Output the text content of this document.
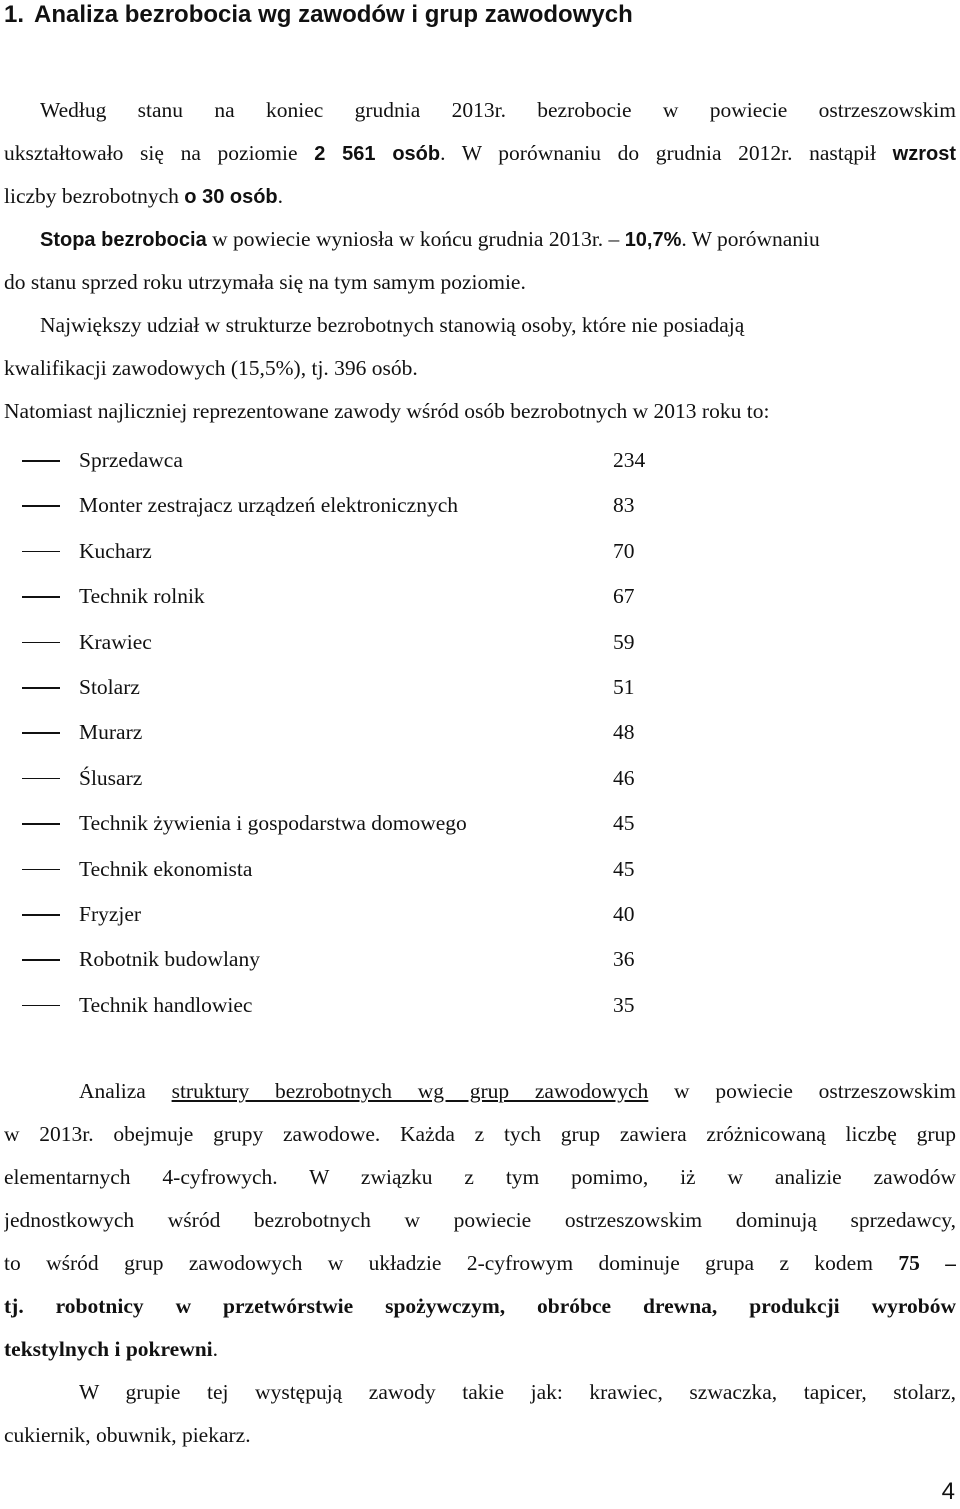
1. Analiza bezrobocia wg zawodów i grup zawodowych
Według stanu na koniec grudnia 2013r. bezrobocie w powiecie ostrzeszowskim
ukształtowało się na poziomie 2 561 osób. W porównaniu do grudnia 2012r. nastąpił wzrost
liczby bezrobotnych o 30 osób.
Stopa bezrobocia w powiecie wyniosła w końcu grudnia 2013r. – 10,7%. W porównaniu
do stanu sprzed roku utrzymała się na tym samym poziomie.
Największy udział w strukturze bezrobotnych stanowią osoby, które nie posiadają
kwalifikacji zawodowych (15,5%), tj. 396 osób.
Natomiast najliczniej reprezentowane zawody wśród osób bezrobotnych w 2013 roku to:
Sprzedawca	234
Monter zestrajacz urządzeń elektronicznych	83
Kucharz	70
Technik rolnik	67
Krawiec	59
Stolarz	51
Murarz	48
Ślusarz	46
Technik żywienia i gospodarstwa domowego	45
Technik ekonomista	45
Fryzjer	40
Robotnik budowlany	36
Technik handlowiec	35
Analiza struktury bezrobotnych wg grup zawodowych w powiecie ostrzeszowskim
w 2013r. obejmuje grupy zawodowe. Każda z tych grup zawiera zróżnicowaną liczbę grup
elementarnych 4-cyfrowych. W związku z tym pomimo, iż w analizie zawodów
jednostkowych wśród bezrobotnych w powiecie ostrzeszowskim dominują sprzedawcy,
to wśród grup zawodowych w układzie 2-cyfrowym dominuje grupa z kodem 75 –
tj. robotnicy w przetwórstwie spożywczym, obróbce drewna, produkcji wyrobów
tekstylnych i pokrewni.
W grupie tej występują zawody takie jak: krawiec, szwaczka, tapicer, stolarz,
cukiernik, obuwnik, piekarz.
4
